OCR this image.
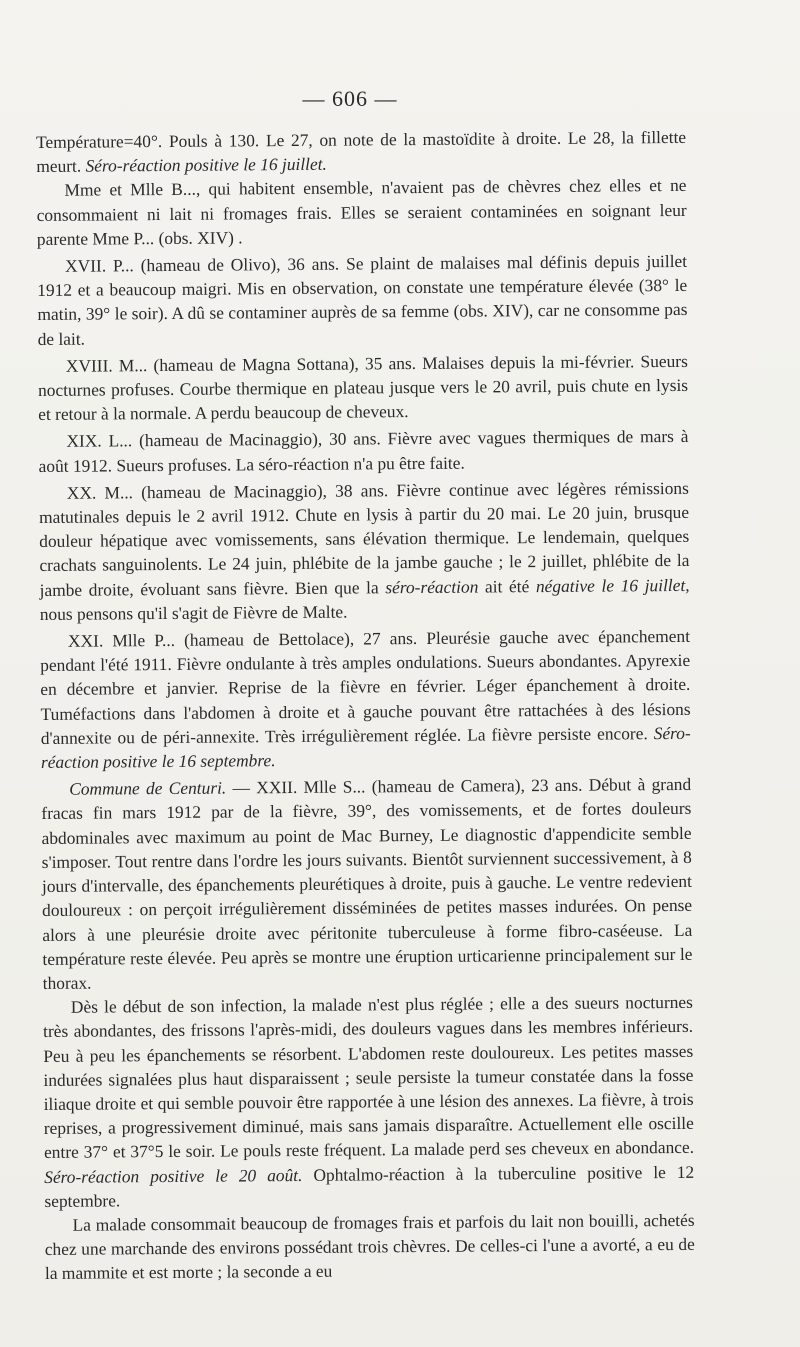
— 606 —

Température=40°. Pouls à 130. Le 27, on note de la mastoïdite à droite. Le 28, la fillette meurt. Séro-réaction positive le 16 juillet.

Mme et Mlle B..., qui habitent ensemble, n'avaient pas de chèvres chez elles et ne consommaient ni lait ni fromages frais. Elles se seraient contaminées en soignant leur parente Mme P... (obs. XIV) .

XVII. P... (hameau de Olivo), 36 ans. Se plaint de malaises mal définis depuis juillet 1912 et a beaucoup maigri. Mis en observation, on constate une température élevée (38° le matin, 39° le soir). A dû se contaminer auprès de sa femme (obs. XIV), car ne consomme pas de lait.

XVIII. M... (hameau de Magna Sottana), 35 ans. Malaises depuis la mi-février. Sueurs nocturnes profuses. Courbe thermique en plateau jusque vers le 20 avril, puis chute en lysis et retour à la normale. A perdu beaucoup de cheveux.

XIX. L... (hameau de Macinaggio), 30 ans. Fièvre avec vagues thermiques de mars à août 1912. Sueurs profuses. La séro-réaction n'a pu être faite.

XX. M... (hameau de Macinaggio), 38 ans. Fièvre continue avec légères rémissions matutinales depuis le 2 avril 1912. Chute en lysis à partir du 20 mai. Le 20 juin, brusque douleur hépatique avec vomissements, sans élévation thermique. Le lendemain, quelques crachats sanguinolents. Le 24 juin, phlébite de la jambe gauche ; le 2 juillet, phlébite de la jambe droite, évoluant sans fièvre. Bien que la séro-réaction ait été négative le 16 juillet, nous pensons qu'il s'agit de Fièvre de Malte.

XXI. Mlle P... (hameau de Bettolace), 27 ans. Pleurésie gauche avec épanchement pendant l'été 1911. Fièvre ondulante à très amples ondulations. Sueurs abondantes. Apyrexie en décembre et janvier. Reprise de la fièvre en février. Léger épanchement à droite. Tuméfactions dans l'abdomen à droite et à gauche pouvant être rattachées à des lésions d'annexite ou de péri-annexite. Très irrégulièrement réglée. La fièvre persiste encore. Séro-réaction positive le 16 septembre.

Commune de Centuri. — XXII. Mlle S... (hameau de Camera), 23 ans. Début à grand fracas fin mars 1912 par de la fièvre, 39°, des vomissements, et de fortes douleurs abdominales avec maximum au point de Mac Burney, Le diagnostic d'appendicite semble s'imposer. Tout rentre dans l'ordre les jours suivants. Bientôt surviennent successivement, à 8 jours d'intervalle, des épanchements pleurétiques à droite, puis à gauche. Le ventre redevient douloureux : on perçoit irrégulièrement disséminées de petites masses indurées. On pense alors à une pleurésie droite avec péritonite tuberculeuse à forme fibro-caséeuse. La température reste élevée. Peu après se montre une éruption urticarienne principalement sur le thorax.

Dès le début de son infection, la malade n'est plus réglée ; elle a des sueurs nocturnes très abondantes, des frissons l'après-midi, des douleurs vagues dans les membres inférieurs. Peu à peu les épanchements se résorbent. L'abdomen reste douloureux. Les petites masses indurées signalées plus haut disparaissent ; seule persiste la tumeur constatée dans la fosse iliaque droite et qui semble pouvoir être rapportée à une lésion des annexes. La fièvre, à trois reprises, a progressivement diminué, mais sans jamais disparaître. Actuellement elle oscille entre 37° et 37°5 le soir. Le pouls reste fréquent. La malade perd ses cheveux en abondance. Séro-réaction positive le 20 août. Ophtalmo-réaction à la tuberculine positive le 12 septembre.

La malade consommait beaucoup de fromages frais et parfois du lait non bouilli, achetés chez une marchande des environs possédant trois chèvres. De celles-ci l'une a avorté, a eu de la mammite et est morte ; la seconde a eu
